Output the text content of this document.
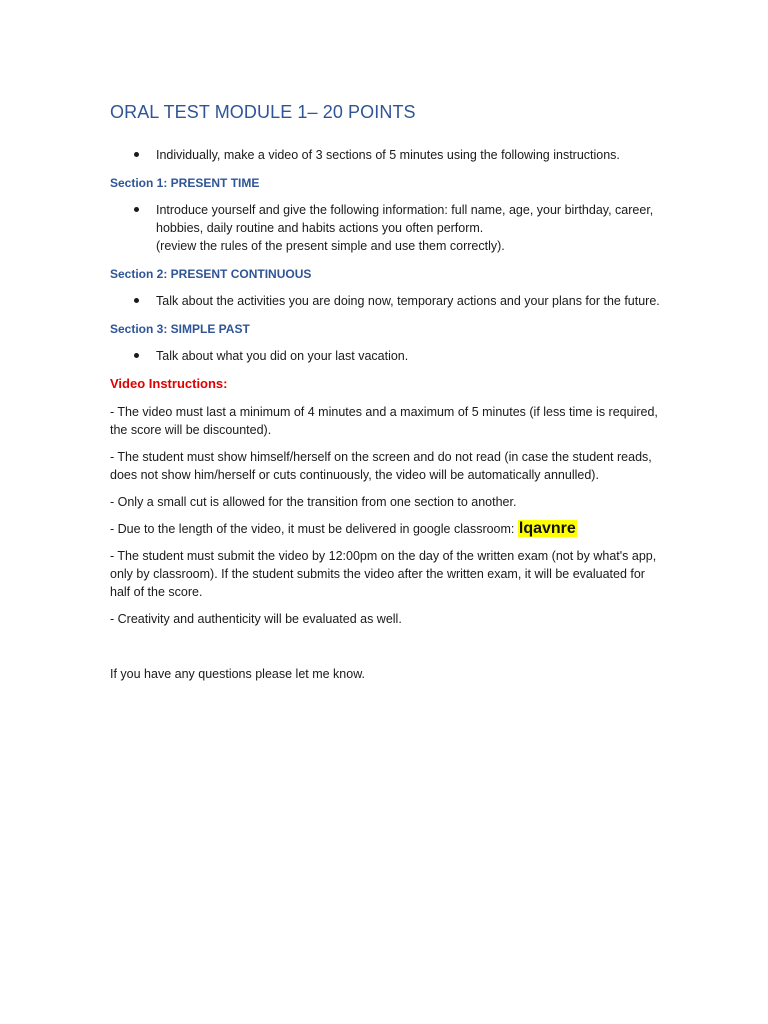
ORAL TEST MODULE 1– 20 POINTS
Individually, make a video of 3 sections of 5 minutes using the following instructions.
Section 1: PRESENT TIME
Introduce yourself and give the following information: full name, age, your birthday, career, hobbies, daily routine and habits actions you often perform.
(review the rules of the present simple and use them correctly).
Section 2: PRESENT CONTINUOUS
Talk about the activities you are doing now, temporary actions and your plans for the future.
Section 3: SIMPLE PAST
Talk about what you did on your last vacation.
Video Instructions:

- The video must last a minimum of 4 minutes and a maximum of 5 minutes (if less time is required, the score will be discounted).

- The student must show himself/herself on the screen and do not read (in case the student reads, does not show him/herself or cuts continuously, the video will be automatically annulled).

- Only a small cut is allowed for the transition from one section to another.

- Due to the length of the video, it must be delivered in google classroom: lqavnre

- The student must submit the video by 12:00pm on the day of the written exam (not by what's app, only by classroom). If the student submits the video after the written exam, it will be evaluated for half of the score.

- Creativity and authenticity will be evaluated as well.

If you have any questions please let me know.
